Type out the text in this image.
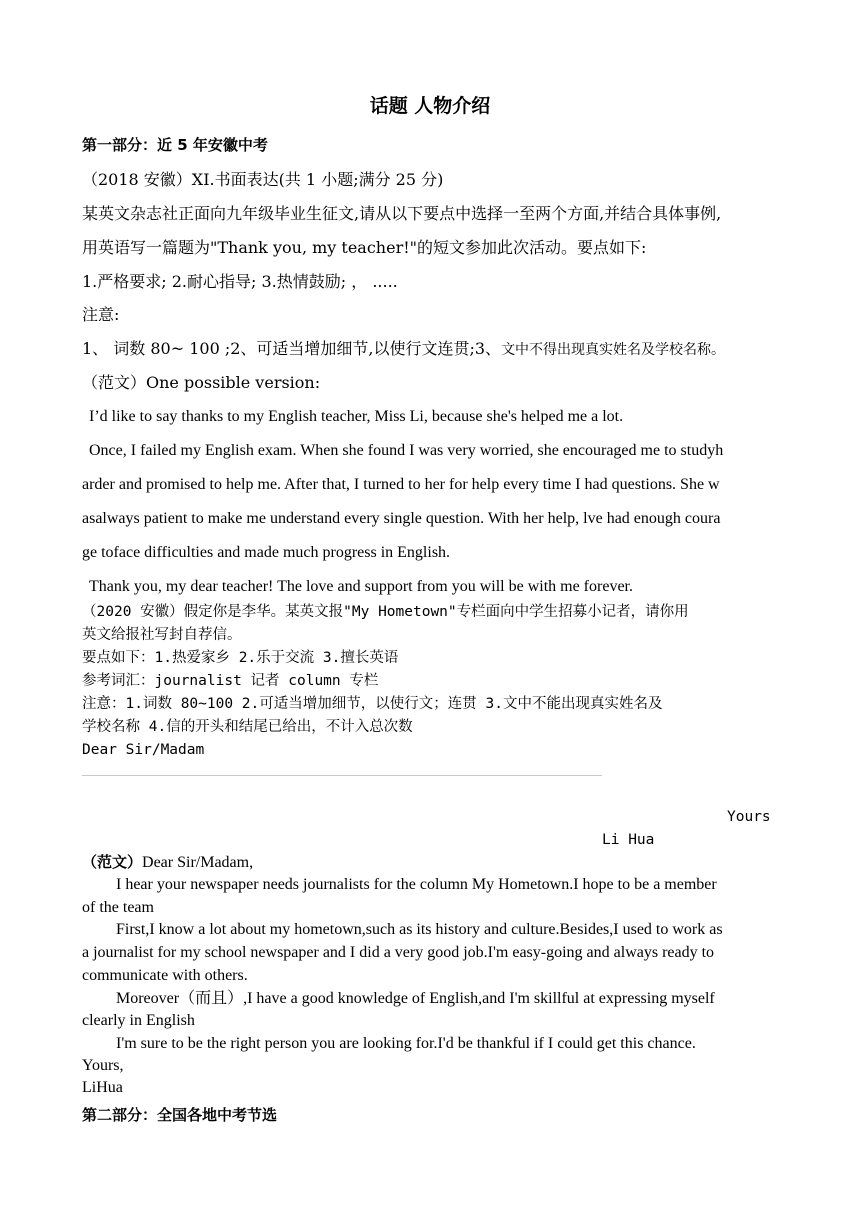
话题 人物介绍
第一部分：近 5 年安徽中考
（2018 安徽）XI.书面表达(共 1 小题;满分 25 分)
某英文杂志社正面向九年级毕业生征文,请从以下要点中选择一至两个方面,并结合具体事例,
用英语写一篇题为"Thank you, my teacher!"的短文参加此次活动。要点如下:
1.严格要求; 2.耐心指导; 3.热情鼓励; ， .....
注意:
1、 词数 80~ 100 ;2、可适当增加细节,以使行文连贯;3、文中不得出现真实姓名及学校名称。
（范文）One possible version:
I’d like to say thanks to my English teacher, Miss Li, because she's helped me a lot.
Once, I failed my English exam. When she found I was very worried, she encouraged me to studyh
arder and promised to help me. After that, I turned to her for help every time I had questions. She w
asalways patient to make me understand every single question. With her help, lve had enough coura
ge toface difficulties and made much progress in English.
Thank you, my dear teacher! The love and support from you will be with me forever.
（2020 安徽）假定你是李华。某英文报"My Hometown"专栏面向中学生招募小记者，请你用
英文给报社写封自荐信。
要点如下：1.热爱家乡 2.乐于交流 3.擅长英语
参考词汇：journalist 记者 column 专栏
注意：1.词数 80~100 2.可适当增加细节，以使行文；连贯 3.文中不能出现真实姓名及
学校名称 4.信的开头和结尾已给出，不计入总次数
Dear Sir/Madam
Yours
Li Hua
（范文）Dear Sir/Madam,
I hear your newspaper needs journalists for the column My Hometown.I hope to be a member
of the team
First,I know a lot about my hometown,such as its history and culture.Besides,I used to work as
a journalist for my school newspaper and I did a very good job.I'm easy-going and always ready to
communicate with others.
Moreover（而且）,I have a good knowledge of English,and I'm skillful at expressing myself
clearly in English
I'm sure to be the right person you are looking for.I'd be thankful if I could get this chance.
Yours,
LiHua
第二部分：全国各地中考节选
